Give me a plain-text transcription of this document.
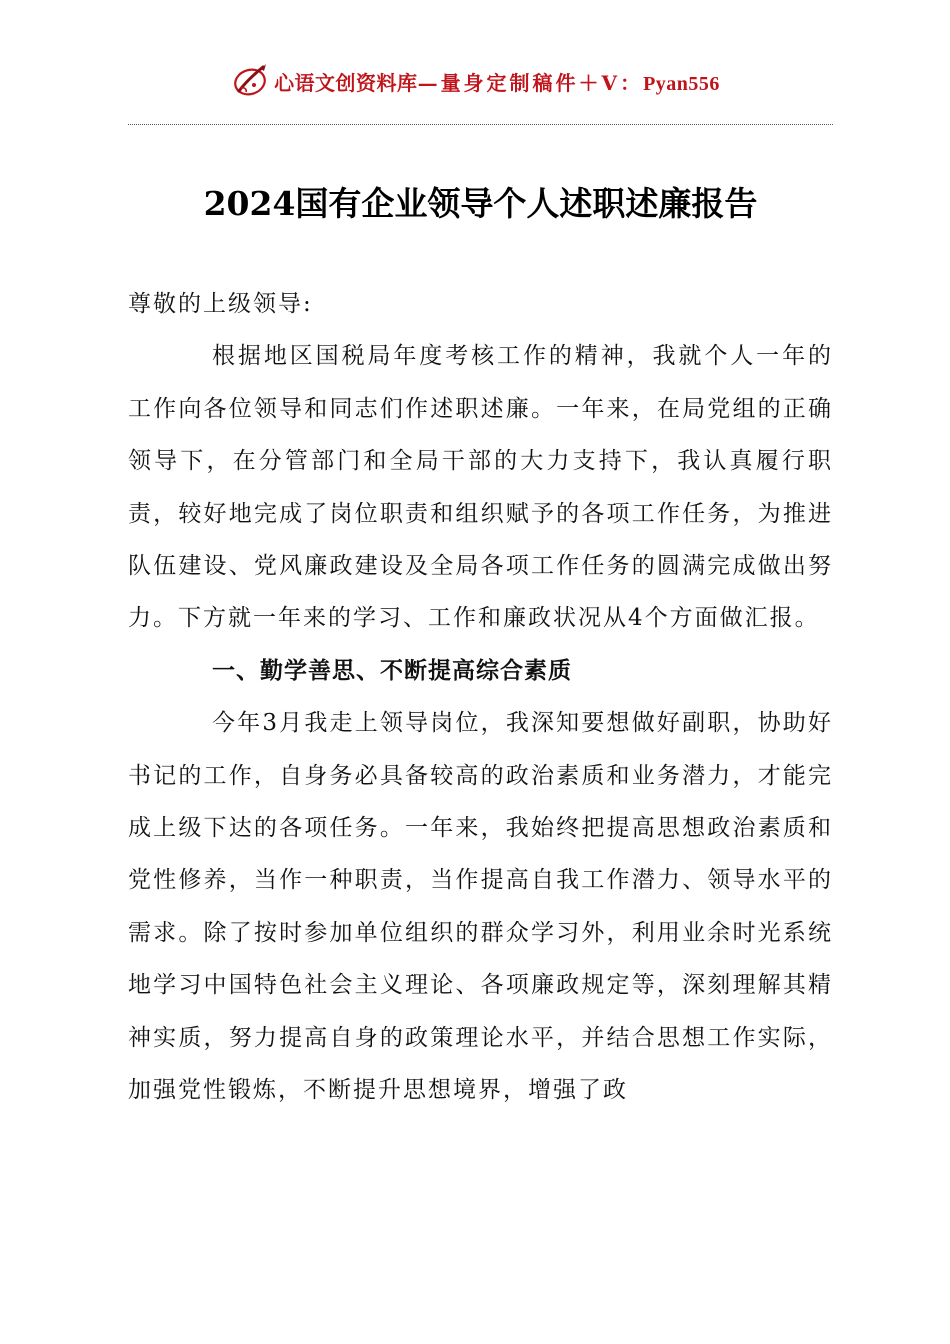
心语文创资料库—量身定制稿件＋V：Pyan556
2024国有企业领导个人述职述廉报告

尊敬的上级领导:

根据地区国税局年度考核工作的精神，我就个人一年的工作向各位领导和同志们作述职述廉。一年来，在局党组的正确领导下，在分管部门和全局干部的大力支持下，我认真履行职责，较好地完成了岗位职责和组织赋予的各项工作任务，为推进队伍建设、党风廉政建设及全局各项工作任务的圆满完成做出努力。下方就一年来的学习、工作和廉政状况从4个方面做汇报。

一、勤学善思、不断提高综合素质

今年3月我走上领导岗位，我深知要想做好副职，协助好书记的工作，自身务必具备较高的政治素质和业务潜力，才能完成上级下达的各项任务。一年来，我始终把提高思想政治素质和党性修养，当作一种职责，当作提高自我工作潜力、领导水平的需求。除了按时参加单位组织的群众学习外，利用业余时光系统地学习中国特色社会主义理论、各项廉政规定等，深刻理解其精神实质，努力提高自身的政策理论水平，并结合思想工作实际，加强党性锻炼，不断提升思想境界，增强了政
